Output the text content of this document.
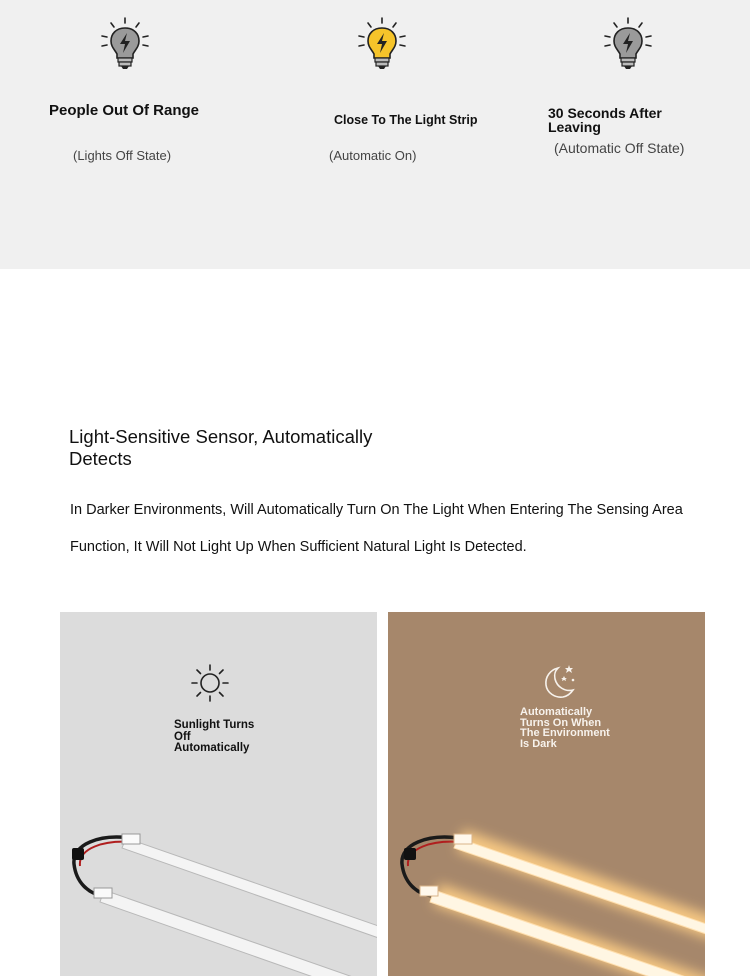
People Out Of Range
(Lights Off State)
Close To The Light Strip
(Automatic On)
30 Seconds After Leaving
(Automatic Off State)
Light-Sensitive Sensor, Automatically Detects
In Darker Environments, Will Automatically Turn On The Light When Entering The Sensing Area Function, It Will Not Light Up When Sufficient Natural Light Is Detected.
Sunlight Turns Off Automatically
Automatically Turns On When The Environment Is Dark
